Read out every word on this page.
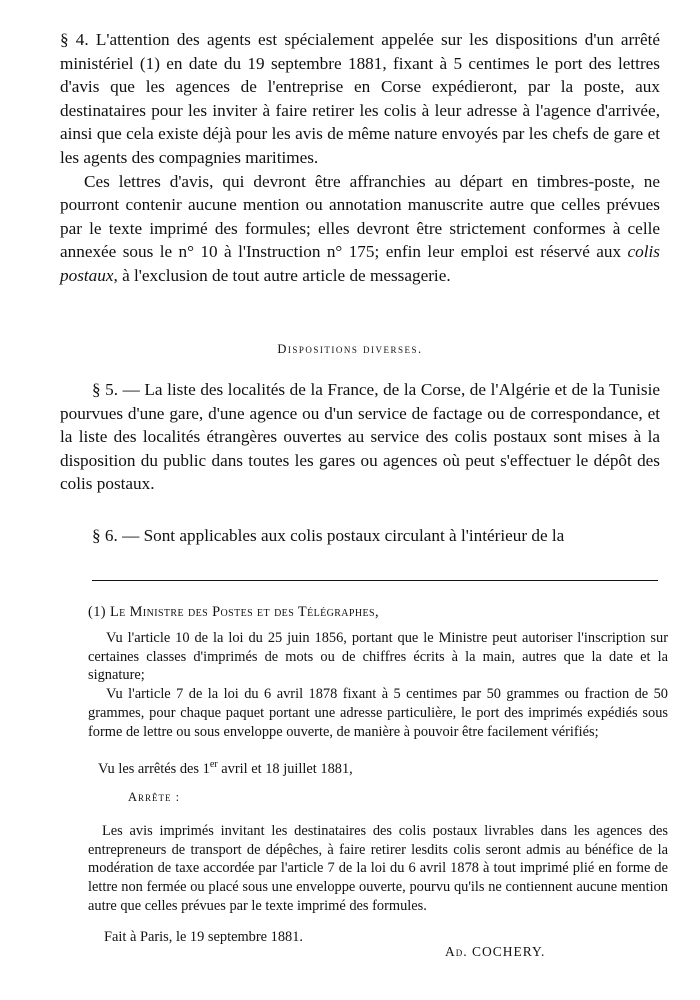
§ 4. L'attention des agents est spécialement appelée sur les dispositions d'un arrêté ministériel (1) en date du 19 septembre 1881, fixant à 5 centimes le port des lettres d'avis que les agences de l'entreprise en Corse expédieront, par la poste, aux destinataires pour les inviter à faire retirer les colis à leur adresse à l'agence d'arrivée, ainsi que cela existe déjà pour les avis de même nature envoyés par les chefs de gare et les agents des compagnies maritimes.

Ces lettres d'avis, qui devront être affranchies au départ en timbres-poste, ne pourront contenir aucune mention ou annotation manuscrite autre que celles prévues par le texte imprimé des formules; elles devront être strictement conformes à celle annexée sous le n° 10 à l'Instruction n° 175; enfin leur emploi est réservé aux colis postaux, à l'exclusion de tout autre article de messagerie.

Dispositions diverses.

§ 5. — La liste des localités de la France, de la Corse, de l'Algérie et de la Tunisie pourvues d'une gare, d'une agence ou d'un service de factage ou de correspondance, et la liste des localités étrangères ouvertes au service des colis postaux sont mises à la disposition du public dans toutes les gares ou agences où peut s'effectuer le dépôt des colis postaux.

§ 6. — Sont applicables aux colis postaux circulant à l'intérieur de la

(1) Le Ministre des Postes et des Télégraphes,

Vu l'article 10 de la loi du 25 juin 1856, portant que le Ministre peut autoriser l'inscription sur certaines classes d'imprimés de mots ou de chiffres écrits à la main, autres que la date et la signature;

Vu l'article 7 de la loi du 6 avril 1878 fixant à 5 centimes par 50 grammes ou fraction de 50 grammes, pour chaque paquet portant une adresse particulière, le port des imprimés expédiés sous forme de lettre ou sous enveloppe ouverte, de manière à pouvoir être facilement vérifiés;

Vu les arrêtés des 1er avril et 18 juillet 1881,

Arrête :

Les avis imprimés invitant les destinataires des colis postaux livrables dans les agences des entrepreneurs de transport de dépêches, à faire retirer lesdits colis seront admis au bénéfice de la modération de taxe accordée par l'article 7 de la loi du 6 avril 1878 à tout imprimé plié en forme de lettre non fermée ou placé sous une enveloppe ouverte, pourvu qu'ils ne contiennent aucune mention autre que celles prévues par le texte imprimé des formules.

Fait à Paris, le 19 septembre 1881.
Ad. COCHERY.
